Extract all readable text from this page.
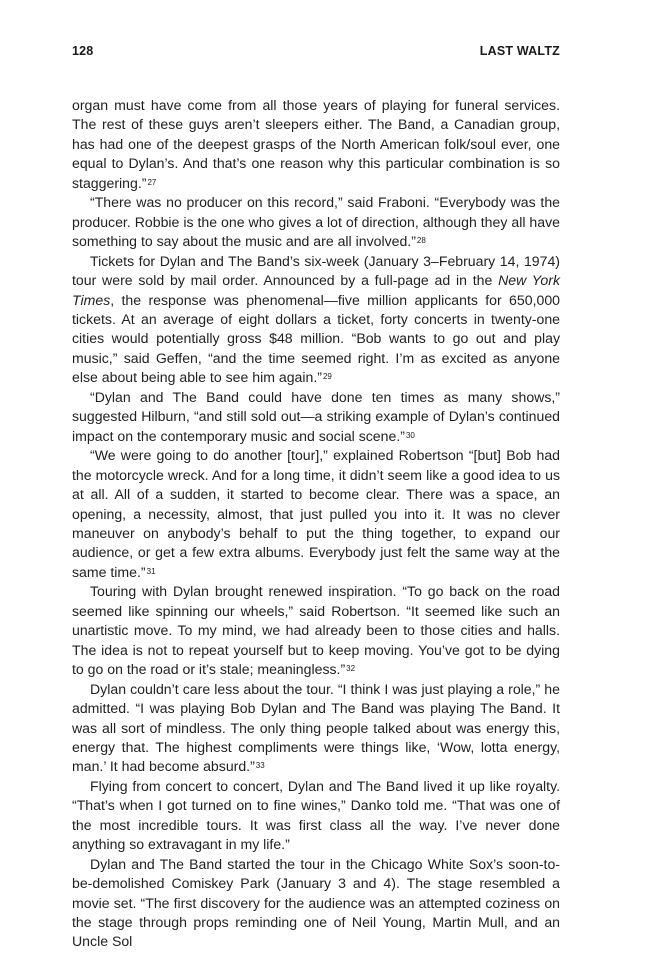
128	LAST WALTZ

organ must have come from all those years of playing for funeral services. The rest of these guys aren’t sleepers either. The Band, a Canadian group, has had one of the deepest grasps of the North American folk/soul ever, one equal to Dylan’s. And that’s one reason why this particular combination is so staggering.”$^{27}$

“There was no producer on this record,” said Fraboni. “Everybody was the producer. Robbie is the one who gives a lot of direction, although they all have something to say about the music and are all involved.”$^{28}$

Tickets for Dylan and The Band’s six-week (January 3–February 14, 1974) tour were sold by mail order. Announced by a full-page ad in the New York Times, the response was phenomenal—five million applicants for 650,000 tickets. At an average of eight dollars a ticket, forty concerts in twenty-one cities would potentially gross $48 million. “Bob wants to go out and play music,” said Geffen, “and the time seemed right. I’m as excited as anyone else about being able to see him again.”$^{29}$

“Dylan and The Band could have done ten times as many shows,” suggested Hilburn, “and still sold out—a striking example of Dylan’s continued impact on the contemporary music and social scene.”$^{30}$

“We were going to do another [tour],” explained Robertson “[but] Bob had the motorcycle wreck. And for a long time, it didn’t seem like a good idea to us at all. All of a sudden, it started to become clear. There was a space, an opening, a necessity, almost, that just pulled you into it. It was no clever maneuver on anybody’s behalf to put the thing together, to expand our audience, or get a few extra albums. Everybody just felt the same way at the same time.”$^{31}$

Touring with Dylan brought renewed inspiration. “To go back on the road seemed like spinning our wheels,” said Robertson. “It seemed like such an unartistic move. To my mind, we had already been to those cities and halls. The idea is not to repeat yourself but to keep moving. You’ve got to be dying to go on the road or it’s stale; meaningless.”$^{32}$

Dylan couldn’t care less about the tour. “I think I was just playing a role,” he admitted. “I was playing Bob Dylan and The Band was playing The Band. It was all sort of mindless. The only thing people talked about was energy this, energy that. The highest compliments were things like, ‘Wow, lotta energy, man.’ It had become absurd.”$^{33}$

Flying from concert to concert, Dylan and The Band lived it up like royalty. “That’s when I got turned on to fine wines,” Danko told me. “That was one of the most incredible tours. It was first class all the way. I’ve never done anything so extravagant in my life.”

Dylan and The Band started the tour in the Chicago White Sox’s soon-to-be-demolished Comiskey Park (January 3 and 4). The stage resembled a movie set. “The first discovery for the audience was an attempted coziness on the stage through props reminding one of Neil Young, Martin Mull, and an Uncle Sol
